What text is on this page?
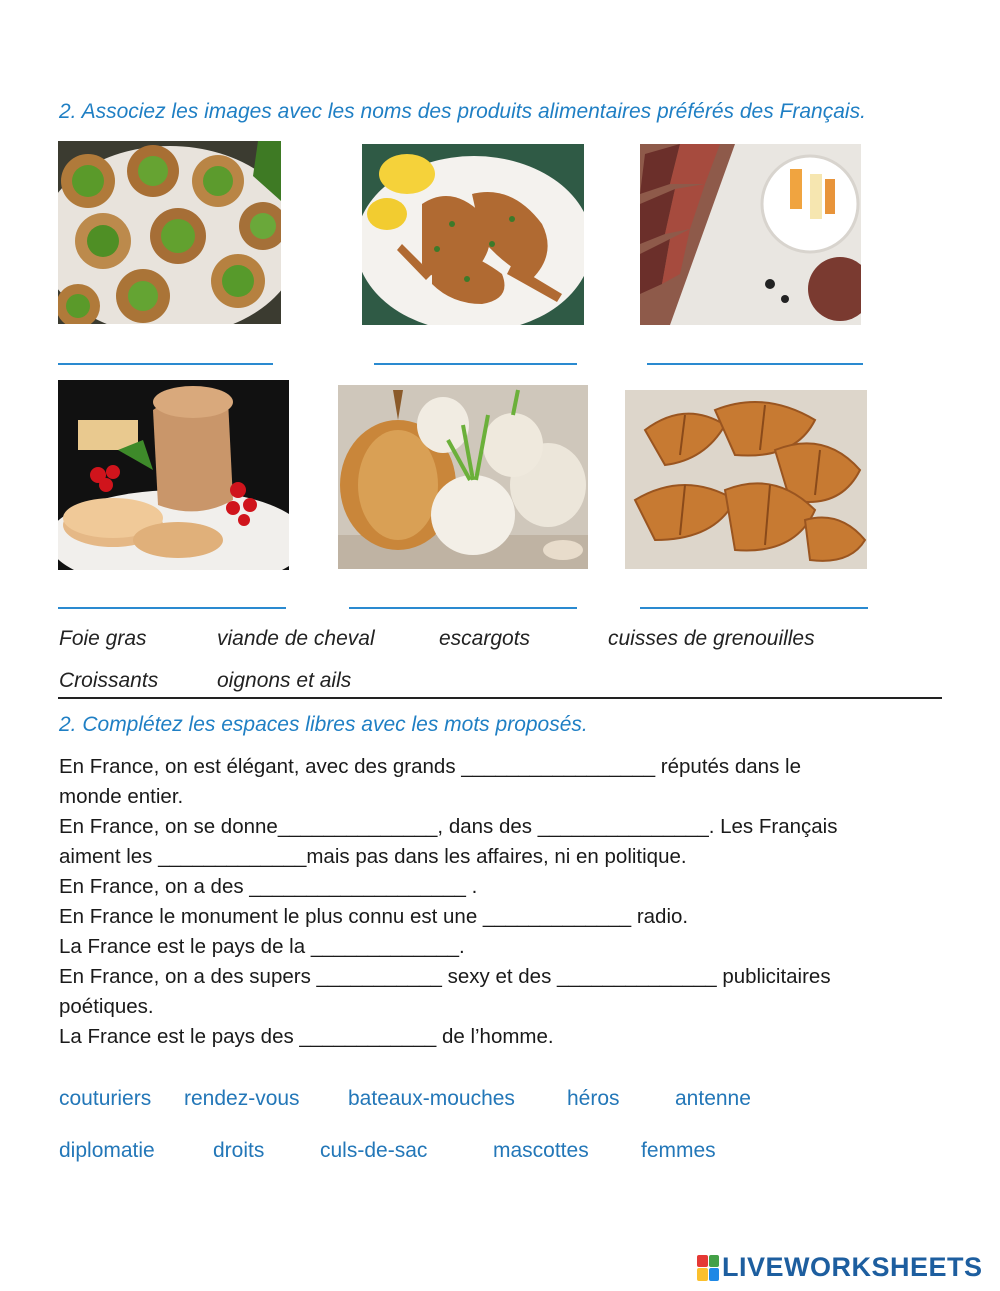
2. Associez les images avec les noms des produits alimentaires préférés des Français.
Foie gras	viande de cheval	escargots	cuisses de grenouilles
Croissants	oignons et ails
2. Complétez les espaces libres avec les mots proposés.
En France, on est élégant, avec des grands _________________ réputés dans le
monde entier.
En France, on se donne______________, dans des _______________. Les Français
aiment les _____________mais pas dans les affaires, ni en politique.
En France, on a des ___________________ .
En France le monument le plus connu est une _____________ radio.
La France est le pays de la _____________.
En France, on a des supers ___________ sexy et des ______________ publicitaires
poétiques.
La France est le pays des ____________ de l’homme.
couturiers rendez-vous bateaux-mouches héros	antenne
diplomatie	droits	culs-de-sac	mascottes femmes
LIVEWORKSHEETS
